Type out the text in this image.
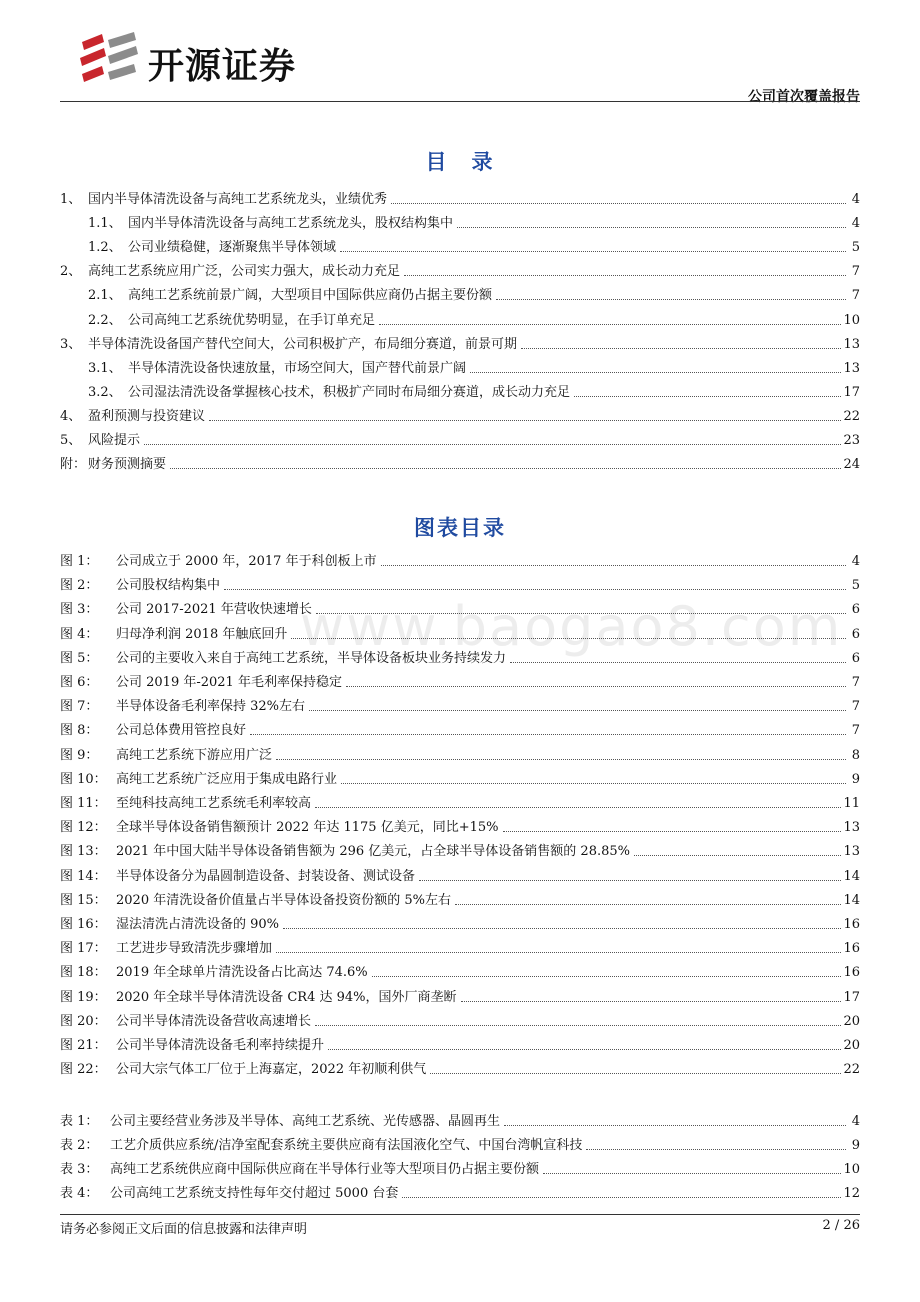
开源证券
公司首次覆盖报告
www.baogao8.com
目　录
1、 国内半导体清洗设备与高纯工艺系统龙头，业绩优秀	4
1.1、 国内半导体清洗设备与高纯工艺系统龙头，股权结构集中	4
1.2、 公司业绩稳健，逐渐聚焦半导体领域	5
2、 高纯工艺系统应用广泛，公司实力强大，成长动力充足	7
2.1、 高纯工艺系统前景广阔，大型项目中国际供应商仍占据主要份额	7
2.2、 公司高纯工艺系统优势明显，在手订单充足	10
3、 半导体清洗设备国产替代空间大，公司积极扩产，布局细分赛道，前景可期	13
3.1、 半导体清洗设备快速放量，市场空间大，国产替代前景广阔	13
3.2、 公司湿法清洗设备掌握核心技术，积极扩产同时布局细分赛道，成长动力充足	17
4、 盈利预测与投资建议	22
5、 风险提示	23
附： 财务预测摘要	24
图表目录
图 1：	公司成立于 2000 年，2017 年于科创板上市	4
图 2：	公司股权结构集中	5
图 3：	公司 2017-2021 年营收快速增长	6
图 4：	归母净利润 2018 年触底回升	6
图 5：	公司的主要收入来自于高纯工艺系统，半导体设备板块业务持续发力	6
图 6：	公司 2019 年-2021 年毛利率保持稳定	7
图 7：	半导体设备毛利率保持 32%左右	7
图 8：	公司总体费用管控良好	7
图 9：	高纯工艺系统下游应用广泛	8
图 10： 高纯工艺系统广泛应用于集成电路行业	9
图 11： 至纯科技高纯工艺系统毛利率较高	11
图 12： 全球半导体设备销售额预计 2022 年达 1175 亿美元，同比+15%	13
图 13： 2021 年中国大陆半导体设备销售额为 296 亿美元，占全球半导体设备销售额的 28.85%	13
图 14： 半导体设备分为晶圆制造设备、封装设备、测试设备	14
图 15： 2020 年清洗设备价值量占半导体设备投资份额的 5%左右	14
图 16： 湿法清洗占清洗设备的 90%	16
图 17： 工艺进步导致清洗步骤增加	16
图 18： 2019 年全球单片清洗设备占比高达 74.6%	16
图 19： 2020 年全球半导体清洗设备 CR4 达 94%，国外厂商垄断	17
图 20： 公司半导体清洗设备营收高速增长	20
图 21： 公司半导体清洗设备毛利率持续提升	20
图 22： 公司大宗气体工厂位于上海嘉定，2022 年初顺利供气	22
表 1： 公司主要经营业务涉及半导体、高纯工艺系统、光传感器、晶圆再生	4
表 2： 工艺介质供应系统/洁净室配套系统主要供应商有法国液化空气、中国台湾帆宣科技	9
表 3： 高纯工艺系统供应商中国际供应商在半导体行业等大型项目仍占据主要份额	10
表 4： 公司高纯工艺系统支持性每年交付超过 5000 台套	12
请务必参阅正文后面的信息披露和法律声明	2 / 26
